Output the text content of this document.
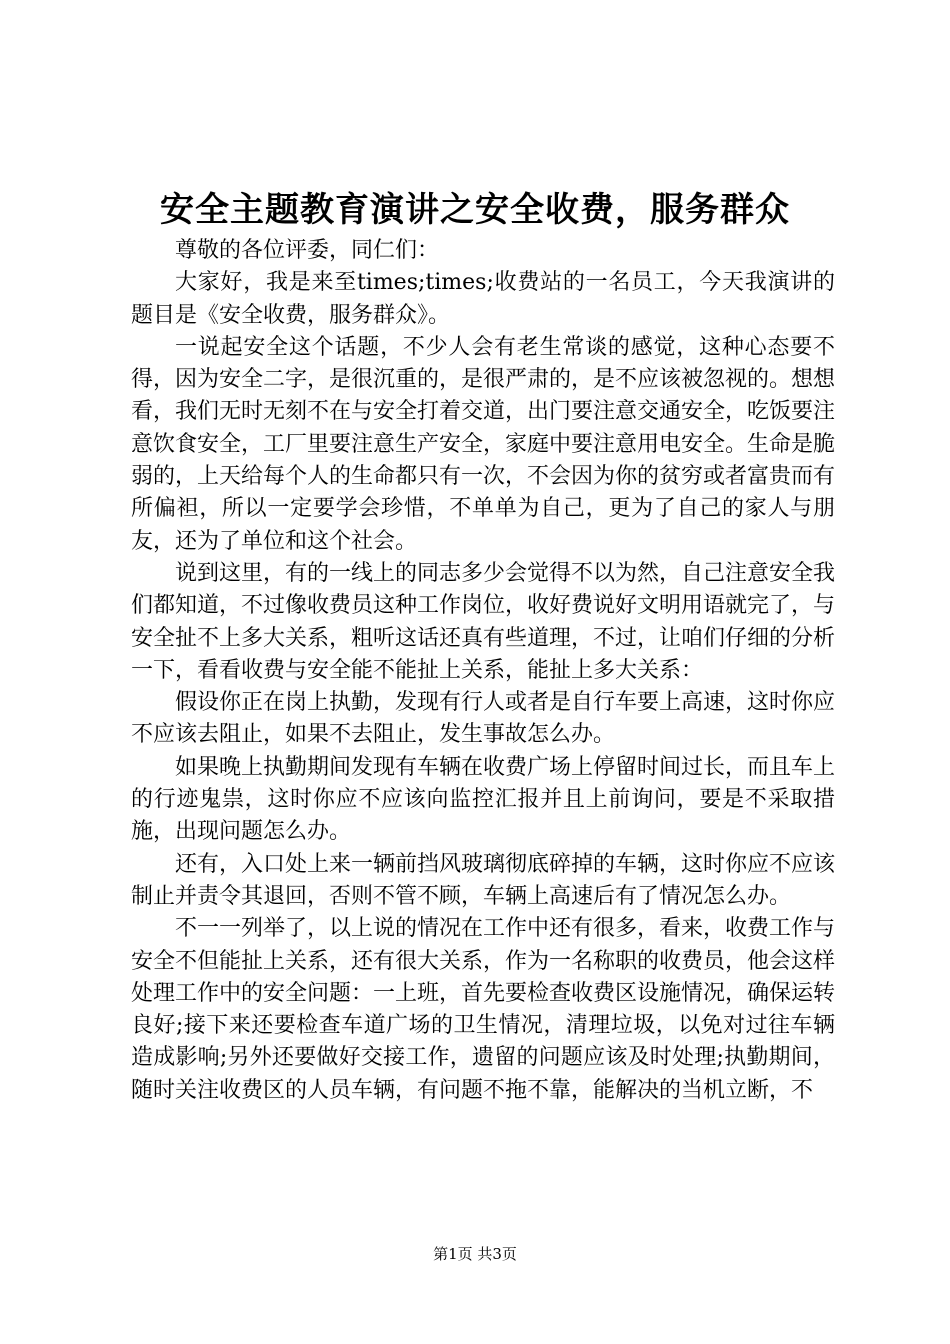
安全主题教育演讲之安全收费，服务群众

尊敬的各位评委，同仁们：

大家好，我是来至times;times;收费站的一名员工，今天我演讲的题目是《安全收费，服务群众》。

一说起安全这个话题，不少人会有老生常谈的感觉，这种心态要不得，因为安全二字，是很沉重的，是很严肃的，是不应该被忽视的。想想看，我们无时无刻不在与安全打着交道，出门要注意交通安全，吃饭要注意饮食安全，工厂里要注意生产安全，家庭中要注意用电安全。生命是脆弱的，上天给每个人的生命都只有一次，不会因为你的贫穷或者富贵而有所偏袒，所以一定要学会珍惜，不单单为自己，更为了自己的家人与朋友，还为了单位和这个社会。

说到这里，有的一线上的同志多少会觉得不以为然，自己注意安全我们都知道，不过像收费员这种工作岗位，收好费说好文明用语就完了，与安全扯不上多大关系，粗听这话还真有些道理，不过，让咱们仔细的分析一下，看看收费与安全能不能扯上关系，能扯上多大关系：

假设你正在岗上执勤，发现有行人或者是自行车要上高速，这时你应不应该去阻止，如果不去阻止，发生事故怎么办。

如果晚上执勤期间发现有车辆在收费广场上停留时间过长，而且车上的行迹鬼祟，这时你应不应该向监控汇报并且上前询问，要是不采取措施，出现问题怎么办。

还有，入口处上来一辆前挡风玻璃彻底碎掉的车辆，这时你应不应该制止并责令其退回，否则不管不顾，车辆上高速后有了情况怎么办。

不一一列举了，以上说的情况在工作中还有很多，看来，收费工作与安全不但能扯上关系，还有很大关系，作为一名称职的收费员，他会这样处理工作中的安全问题：一上班，首先要检查收费区设施情况，确保运转良好;接下来还要检查车道广场的卫生情况，清理垃圾，以免对过往车辆造成影响;另外还要做好交接工作，遗留的问题应该及时处理;执勤期间，随时关注收费区的人员车辆，有问题不拖不靠，能解决的当机立断，不

第1页 共3页
